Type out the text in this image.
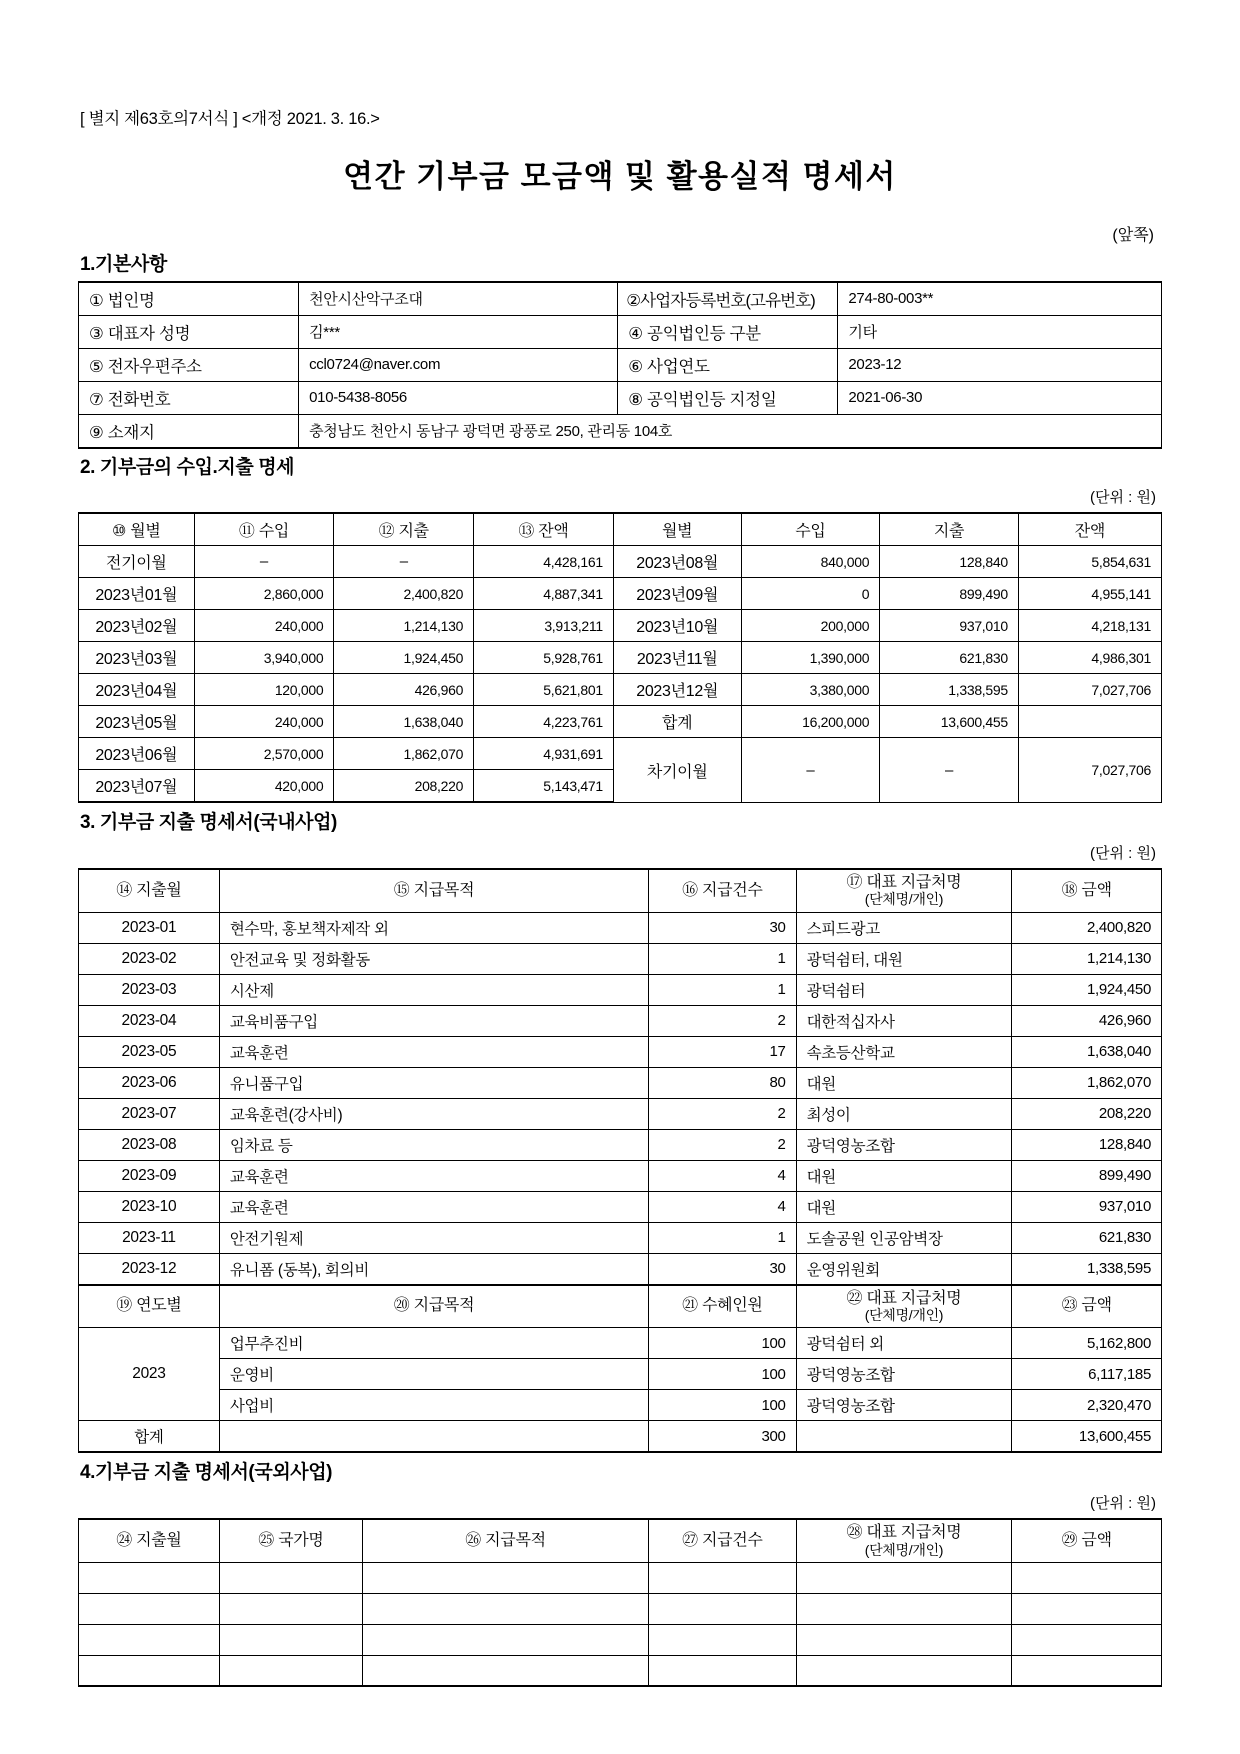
[ 별지 제63호의7서식 ] <개정 2021. 3. 16.>
연간 기부금 모금액 및 활용실적 명세서
(앞쪽)
1.기본사항
① 법인명	천안시산악구조대	②사업자등록번호(고유번호)	274-80-003**
③ 대표자 성명	김***	④ 공익법인등 구분	기타
⑤ 전자우편주소	ccl0724@naver.com	⑥ 사업연도	2023-12
⑦ 전화번호	010-5438-8056	⑧ 공익법인등 지정일	2021-06-30
⑨ 소재지	충청남도 천안시 동남구 광덕면 광풍로 250, 관리동 104호		
2. 기부금의 수입.지출 명세
(단위 : 원)
⑩ 월별	⑪ 수입	⑫ 지출	⑬ 잔액	월별	수입	지출	잔액
전기이월	–	–	4,428,161	2023년08월	840,000	128,840	5,854,631
2023년01월	2,860,000	2,400,820	4,887,341	2023년09월	0	899,490	4,955,141
2023년02월	240,000	1,214,130	3,913,211	2023년10월	200,000	937,010	4,218,131
2023년03월	3,940,000	1,924,450	5,928,761	2023년11월	1,390,000	621,830	4,986,301
2023년04월	120,000	426,960	5,621,801	2023년12월	3,380,000	1,338,595	7,027,706
2023년05월	240,000	1,638,040	4,223,761	합계	16,200,000	13,600,455	
2023년06월	2,570,000	1,862,070	4,931,691	차기이월	–	–	7,027,706
2023년07월	420,000	208,220	5,143,471				
3. 기부금 지출 명세서(국내사업)
(단위 : 원)
⑭ 지출월	⑮ 지급목적	⑯ 지급건수	⑰ 대표 지급처명
(단체명/개인)	⑱ 금액
2023-01	현수막, 홍보책자제작 외	30	스피드광고	2,400,820
2023-02	안전교육 및 정화활동	1	광덕쉼터, 대원	1,214,130
2023-03	시산제	1	광덕쉼터	1,924,450
2023-04	교육비품구입	2	대한적십자사	426,960
2023-05	교육훈련	17	속초등산학교	1,638,040
2023-06	유니품구입	80	대원	1,862,070
2023-07	교육훈련(강사비)	2	최성이	208,220
2023-08	임차료 등	2	광덕영농조합	128,840
2023-09	교육훈련	4	대원	899,490
2023-10	교육훈련	4	대원	937,010
2023-11	안전기원제	1	도솔공원 인공암벽장	621,830
2023-12	유니폼 (동복), 회의비	30	운영위원회	1,338,595
⑲ 연도별	⑳ 지급목적	㉑ 수혜인원	㉒ 대표 지급처명
(단체명/개인)	㉓ 금액
2023	업무추진비	100	광덕쉼터 외	5,162,800
	운영비	100	광덕영농조합	6,117,185
	사업비	100	광덕영농조합	2,320,470
합계		300		13,600,455
4.기부금 지출 명세서(국외사업)
(단위 : 원)
㉔ 지출월	㉕ 국가명	㉖ 지급목적	㉗ 지급건수	㉘ 대표 지급처명
(단체명/개인)	㉙ 금액
